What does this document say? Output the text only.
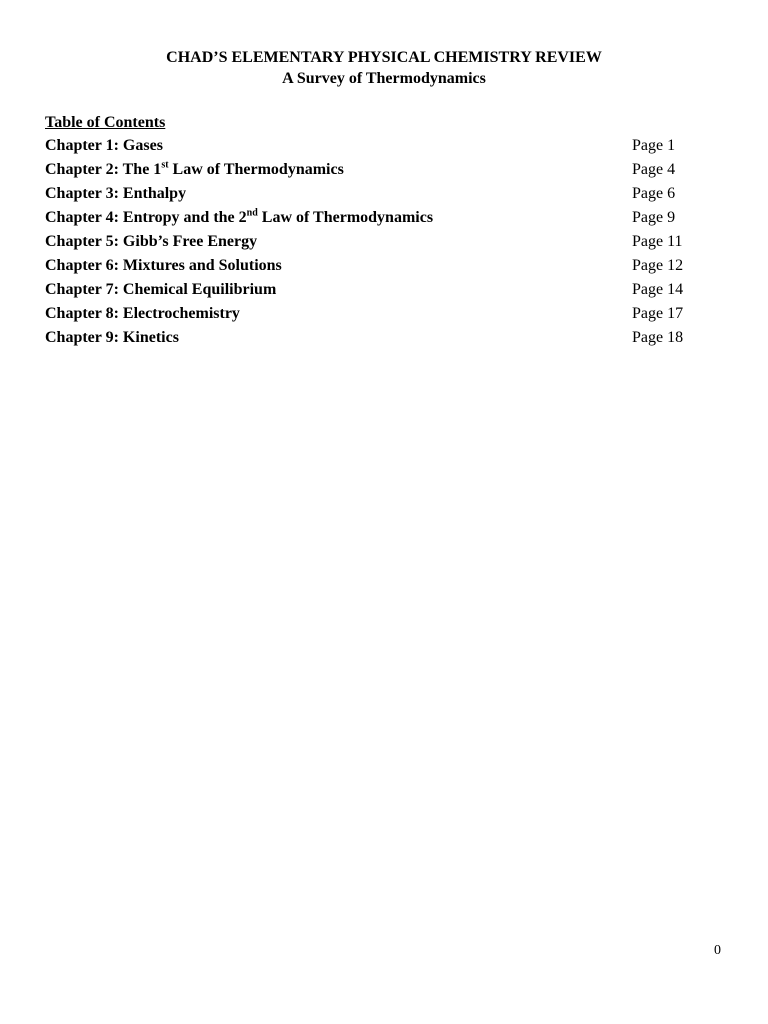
CHAD’S ELEMENTARY PHYSICAL CHEMISTRY REVIEW
A Survey of Thermodynamics
Table of Contents
Chapter 1: Gases	Page 1
Chapter 2: The 1st Law of Thermodynamics	Page 4
Chapter 3: Enthalpy	Page 6
Chapter 4: Entropy and the 2nd Law of Thermodynamics	Page 9
Chapter 5: Gibb’s Free Energy	Page 11
Chapter 6: Mixtures and Solutions	Page 12
Chapter 7: Chemical Equilibrium	Page 14
Chapter 8: Electrochemistry	Page 17
Chapter 9: Kinetics	Page 18
0
